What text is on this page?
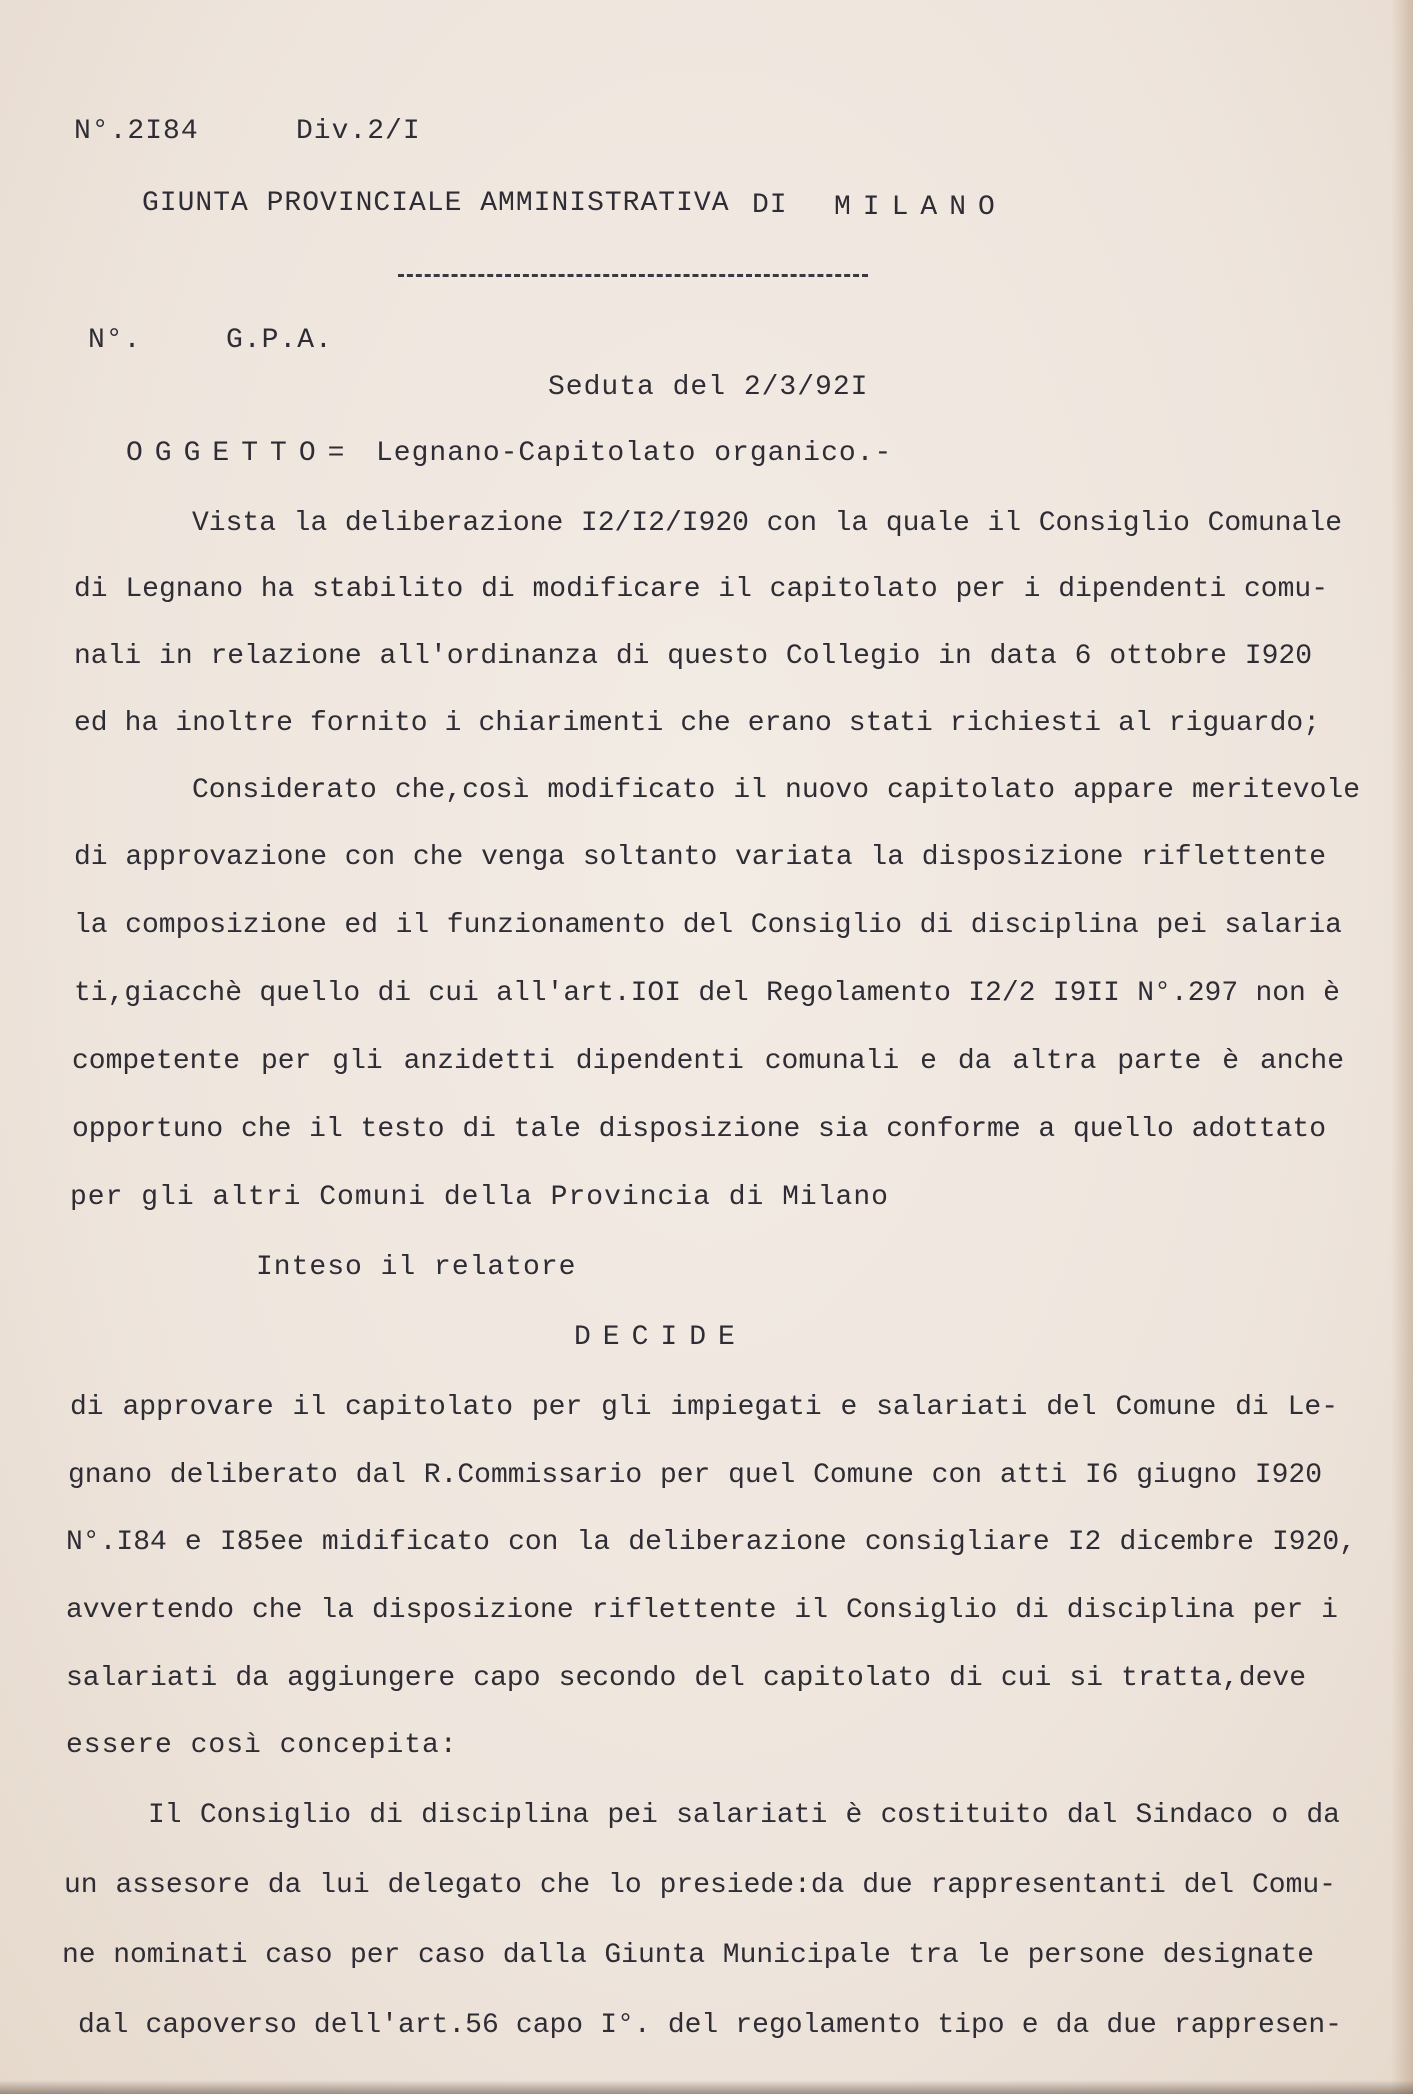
N°.2I84	Div.2/I
GIUNTA PROVINCIALE AMMINISTRATIVA DI MILANO
N°.	G.P.A.
Seduta del 2/3/92I
OGGETTO= Legnano-Capitolato organico.-
Vista la deliberazione I2/I2/I920 con la quale il Consiglio Comunale
di Legnano ha stabilito di modificare il capitolato per i dipendenti comu-
nali in relazione all'ordinanza di questo Collegio in data 6 ottobre I920
ed ha inoltre fornito i chiarimenti che erano stati richiesti al riguardo;
Considerato che,così modificato il nuovo capitolato appare meritevole
di approvazione con che venga soltanto variata la disposizione riflettente
la composizione ed il funzionamento del Consiglio di disciplina pei salaria
ti,giacchè quello di cui all'art.IOI del Regolamento I2/2 I9II N°.297 non è
competente per gli anzidetti dipendenti comunali e da altra parte è anche
opportuno che il testo di tale disposizione sia conforme a quello adottato
per gli altri Comuni della Provincia di Milano
Inteso il relatore
DECIDE
di approvare il capitolato per gli impiegati e salariati del Comune di Le-
gnano deliberato dal R.Commissario per quel Comune con atti I6 giugno I920
N°.I84 e I85ee midificato con la deliberazione consigliare I2 dicembre I920,
avvertendo che la disposizione riflettente il Consiglio di disciplina per i
salariati da aggiungere capo secondo del capitolato di cui si tratta,deve
essere così concepita:
Il Consiglio di disciplina pei salariati è costituito dal Sindaco o da
un assesore da lui delegato che lo presiede:da due rappresentanti del Comu-
ne nominati caso per caso dalla Giunta Municipale tra le persone designate
dal capoverso dell'art.56 capo I°. del regolamento tipo e da due rappresen-
